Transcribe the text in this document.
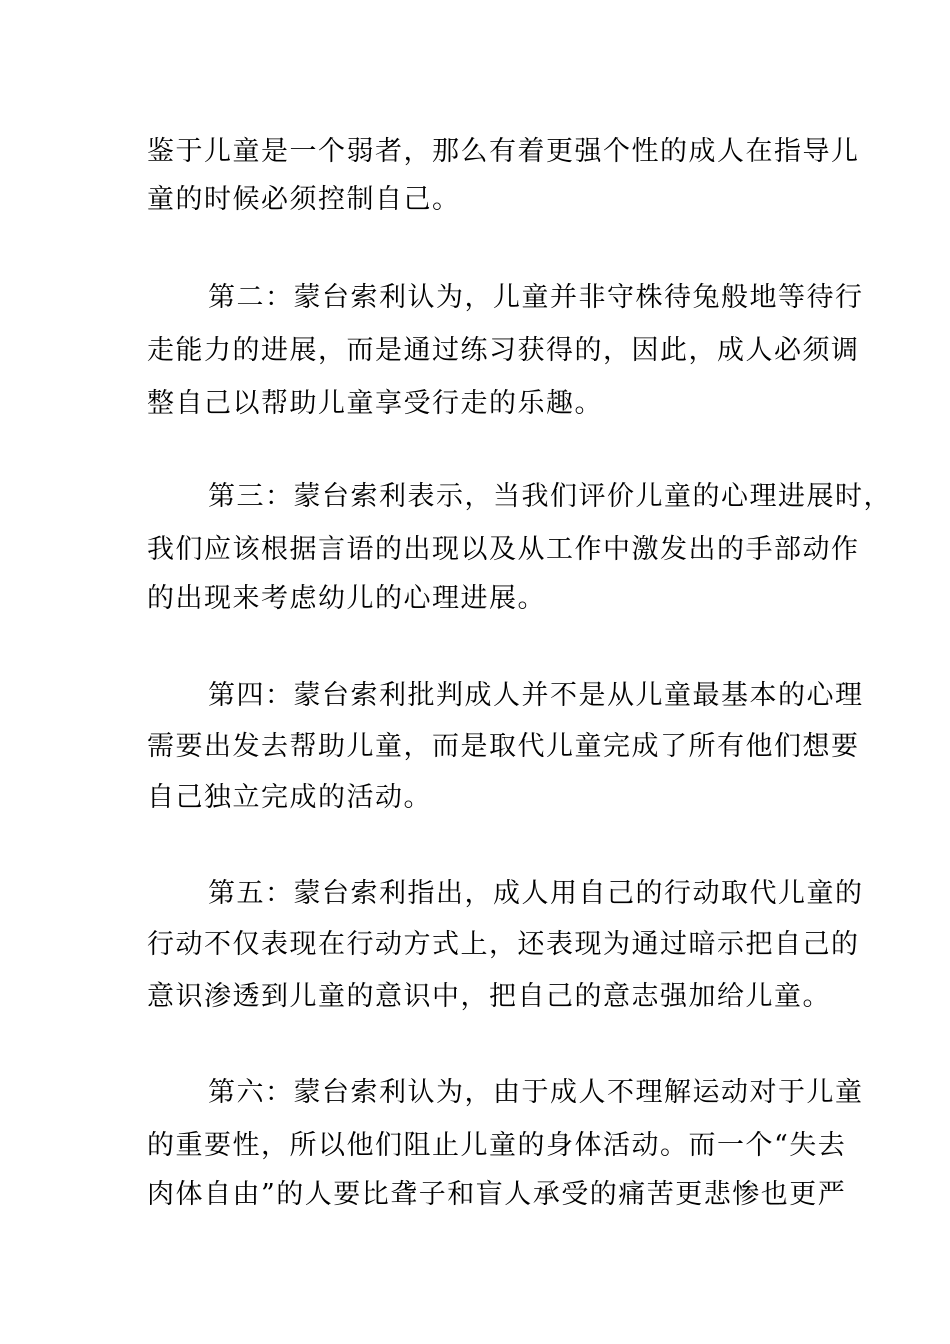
鉴于儿童是一个弱者，那么有着更强个性的成人在指导儿
童的时候必须控制自己。
第二：蒙台索利认为，儿童并非守株待兔般地等待行
走能力的进展，而是通过练习获得的，因此，成人必须调
整自己以帮助儿童享受行走的乐趣。
第三：蒙台索利表示，当我们评价儿童的心理进展时，
我们应该根据言语的出现以及从工作中激发出的手部动作
的出现来考虑幼儿的心理进展。
第四：蒙台索利批判成人并不是从儿童最基本的心理
需要出发去帮助儿童，而是取代儿童完成了所有他们想要
自己独立完成的活动。
第五：蒙台索利指出，成人用自己的行动取代儿童的
行动不仅表现在行动方式上，还表现为通过暗示把自己的
意识渗透到儿童的意识中，把自己的意志强加给儿童。
第六：蒙台索利认为，由于成人不理解运动对于儿童
的重要性，所以他们阻止儿童的身体活动。而一个“失去
肉体自由”的人要比聋子和盲人承受的痛苦更悲惨也更严
